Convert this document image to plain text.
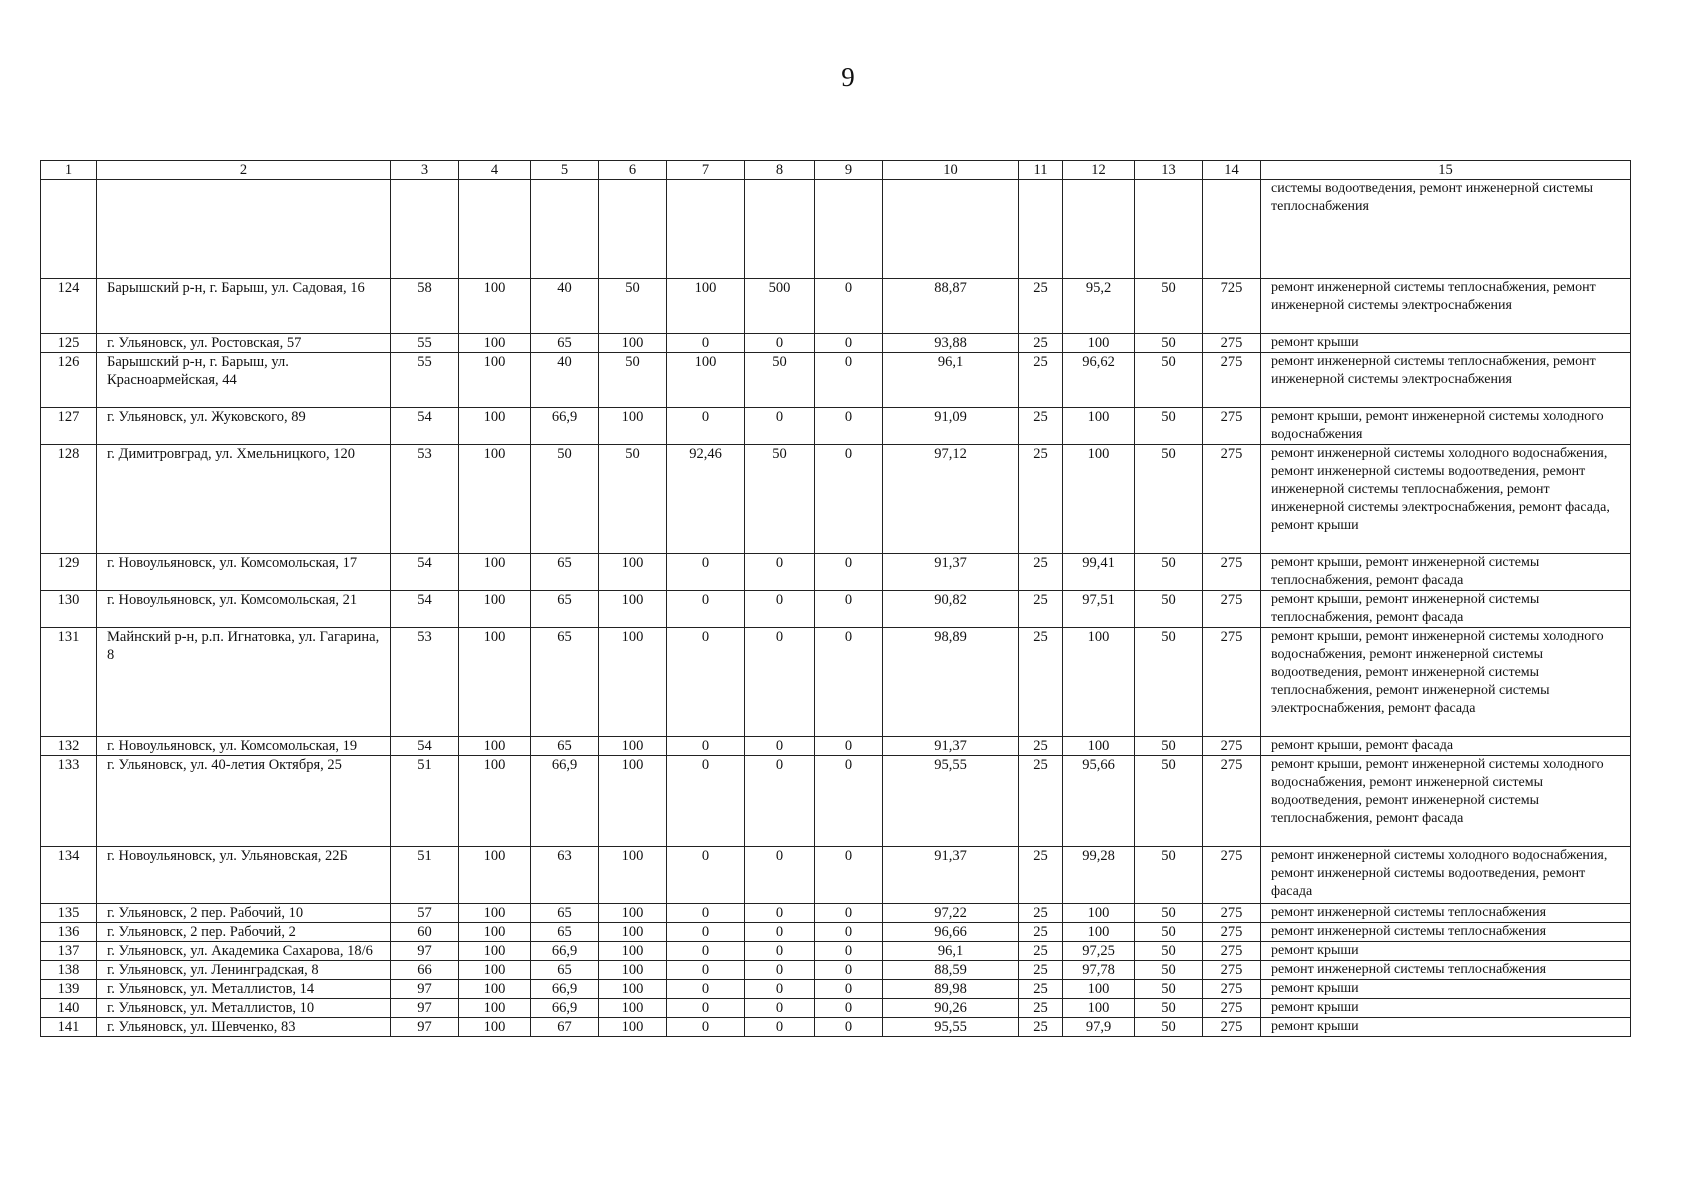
9
1	2	3	4	5	6	7	8	9	10	11	12	13	14	15
														системы водоотведения, ремонт инженерной системы теплоснабжения
124	Барышский р-н, г. Барыш, ул. Садовая, 16	58	100	40	50	100	500	0	88,87	25	95,2	50	725	ремонт инженерной системы теплоснабжения, ремонт инженерной системы электроснабжения
125	г. Ульяновск, ул. Ростовская, 57	55	100	65	100	0	0	0	93,88	25	100	50	275	ремонт крыши
126	Барышский р-н, г. Барыш, ул. Красноармейская, 44	55	100	40	50	100	50	0	96,1	25	96,62	50	275	ремонт инженерной системы теплоснабжения, ремонт инженерной системы электроснабжения
127	г. Ульяновск, ул. Жуковского, 89	54	100	66,9	100	0	0	0	91,09	25	100	50	275	ремонт крыши, ремонт инженерной системы холодного водоснабжения
128	г. Димитровград, ул. Хмельницкого, 120	53	100	50	50	92,46	50	0	97,12	25	100	50	275	ремонт инженерной системы холодного водоснабжения, ремонт инженерной системы водоотведения, ремонт инженерной системы теплоснабжения, ремонт инженерной системы электроснабжения, ремонт фасада, ремонт крыши
129	г. Новоульяновск, ул. Комсомольская, 17	54	100	65	100	0	0	0	91,37	25	99,41	50	275	ремонт крыши, ремонт инженерной системы теплоснабжения, ремонт фасада
130	г. Новоульяновск, ул. Комсомольская, 21	54	100	65	100	0	0	0	90,82	25	97,51	50	275	ремонт крыши, ремонт инженерной системы теплоснабжения, ремонт фасада
131	Майнский р-н, р.п. Игнатовка, ул. Гагарина, 8	53	100	65	100	0	0	0	98,89	25	100	50	275	ремонт крыши, ремонт инженерной системы холодного водоснабжения, ремонт инженерной системы водоотведения, ремонт инженерной системы теплоснабжения, ремонт инженерной системы электроснабжения, ремонт фасада
132	г. Новоульяновск, ул. Комсомольская, 19	54	100	65	100	0	0	0	91,37	25	100	50	275	ремонт крыши, ремонт фасада
133	г. Ульяновск, ул. 40-летия Октября, 25	51	100	66,9	100	0	0	0	95,55	25	95,66	50	275	ремонт крыши, ремонт инженерной системы холодного водоснабжения, ремонт инженерной системы водоотведения, ремонт инженерной системы теплоснабжения, ремонт фасада
134	г. Новоульяновск, ул. Ульяновская, 22Б	51	100	63	100	0	0	0	91,37	25	99,28	50	275	ремонт инженерной системы холодного водоснабжения, ремонт инженерной системы водоотведения, ремонт фасада
135	г. Ульяновск, 2 пер. Рабочий, 10	57	100	65	100	0	0	0	97,22	25	100	50	275	ремонт инженерной системы теплоснабжения
136	г. Ульяновск, 2 пер. Рабочий, 2	60	100	65	100	0	0	0	96,66	25	100	50	275	ремонт инженерной системы теплоснабжения
137	г. Ульяновск, ул. Академика Сахарова, 18/6	97	100	66,9	100	0	0	0	96,1	25	97,25	50	275	ремонт крыши
138	г. Ульяновск, ул. Ленинградская, 8	66	100	65	100	0	0	0	88,59	25	97,78	50	275	ремонт инженерной системы теплоснабжения
139	г. Ульяновск, ул. Металлистов, 14	97	100	66,9	100	0	0	0	89,98	25	100	50	275	ремонт крыши
140	г. Ульяновск, ул. Металлистов, 10	97	100	66,9	100	0	0	0	90,26	25	100	50	275	ремонт крыши
141	г. Ульяновск, ул. Шевченко, 83	97	100	67	100	0	0	0	95,55	25	97,9	50	275	ремонт крыши
